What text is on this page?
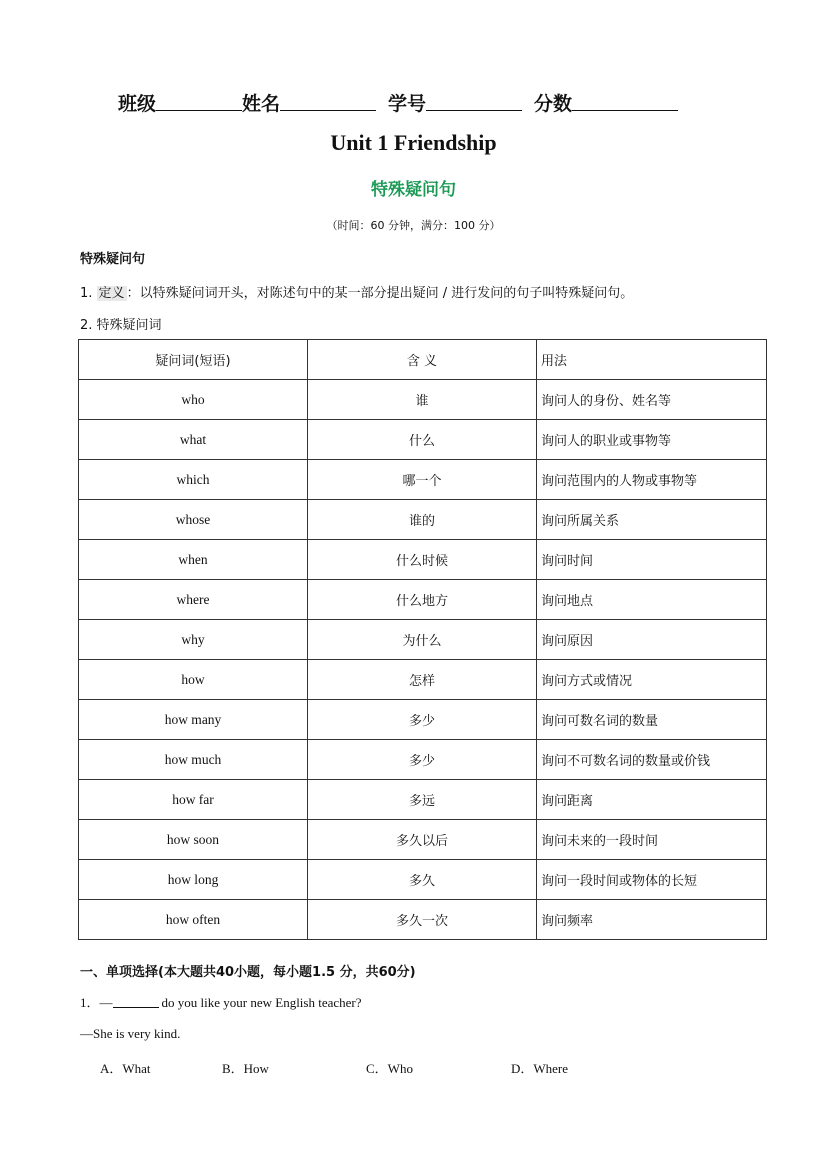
班级	姓名	学号	分数
Unit 1 Friendship
特殊疑问句
（时间：60 分钟，满分：100 分）
特殊疑问句
1. 定义 ：以特殊疑问词开头，对陈述句中的某一部分提出疑问 / 进行发问的句子叫特殊疑问句。
2. 特殊疑问词
疑问词(短语)	含 义	用法
who	谁	询问人的身份、姓名等
what	什么	询问人的职业或事物等
which	哪一个	询问范围内的人物或事物等
whose	谁的	询问所属关系
when	什么时候	询问时间
where	什么地方	询问地点
why	为什么	询问原因
how	怎样	询问方式或情况
how many	多少	询问可数名词的数量
how much	多少	询问不可数名词的数量或价钱
how far	多远	询问距离
how soon	多久以后	询问未来的一段时间
how long	多久	询问一段时间或物体的长短
how often	多久一次	询问频率
一、单项选择(本大题共40小题，每小题1.5 分，共60分)
1．—	do you like your new English teacher?
—She is very kind.
A．What	B．How	C．Who	D．Where
